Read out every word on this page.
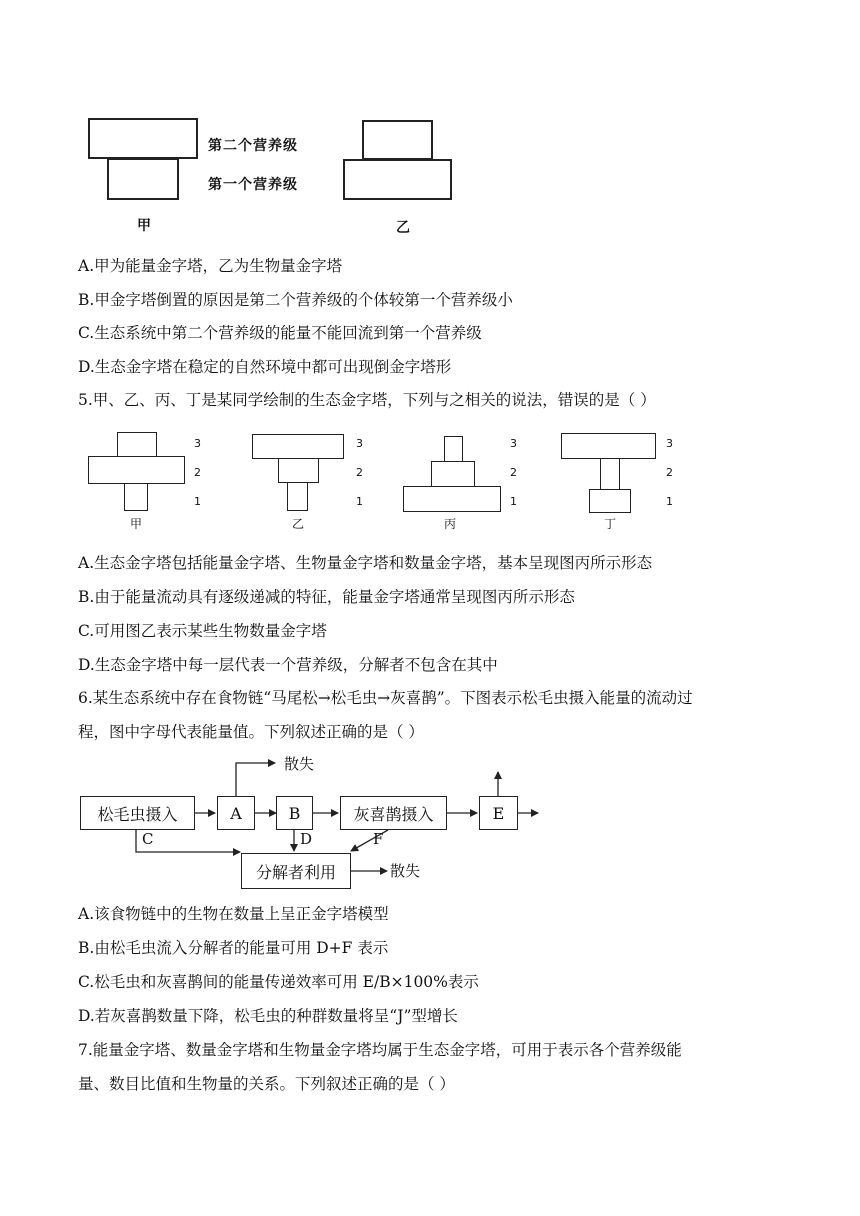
第二个营养级
第一个营养级
甲	乙
A.甲为能量金字塔，乙为生物量金字塔
B.甲金字塔倒置的原因是第二个营养级的个体较第一个营养级小
C.生态系统中第二个营养级的能量不能回流到第一个营养级
D.生态金字塔在稳定的自然环境中都可出现倒金字塔形
5.甲、乙、丙、丁是某同学绘制的生态金字塔，下列与之相关的说法，错误的是（ ）
3
2
1
甲
3
2
1
乙
3
2
1
丙
3
2
1
丁
A.生态金字塔包括能量金字塔、生物量金字塔和数量金字塔，基本呈现图丙所示形态
B.由于能量流动具有逐级递减的特征，能量金字塔通常呈现图丙所示形态
C.可用图乙表示某些生物数量金字塔
D.生态金字塔中每一层代表一个营养级，分解者不包含在其中
6.某生态系统中存在食物链“马尾松→松毛虫→灰喜鹊”。下图表示松毛虫摄入能量的流动过
程，图中字母代表能量值。下列叙述正确的是（ ）
松毛虫摄入	A	B	灰喜鹊摄入	E
分解者利用
散失
散失
C	D	F
A.该食物链中的生物在数量上呈正金字塔模型
B.由松毛虫流入分解者的能量可用 D+F 表示
C.松毛虫和灰喜鹊间的能量传递效率可用 E/B×100%表示
D.若灰喜鹊数量下降，松毛虫的种群数量将呈“J”型增长
7.能量金字塔、数量金字塔和生物量金字塔均属于生态金字塔，可用于表示各个营养级能
量、数目比值和生物量的关系。下列叙述正确的是（ ）
